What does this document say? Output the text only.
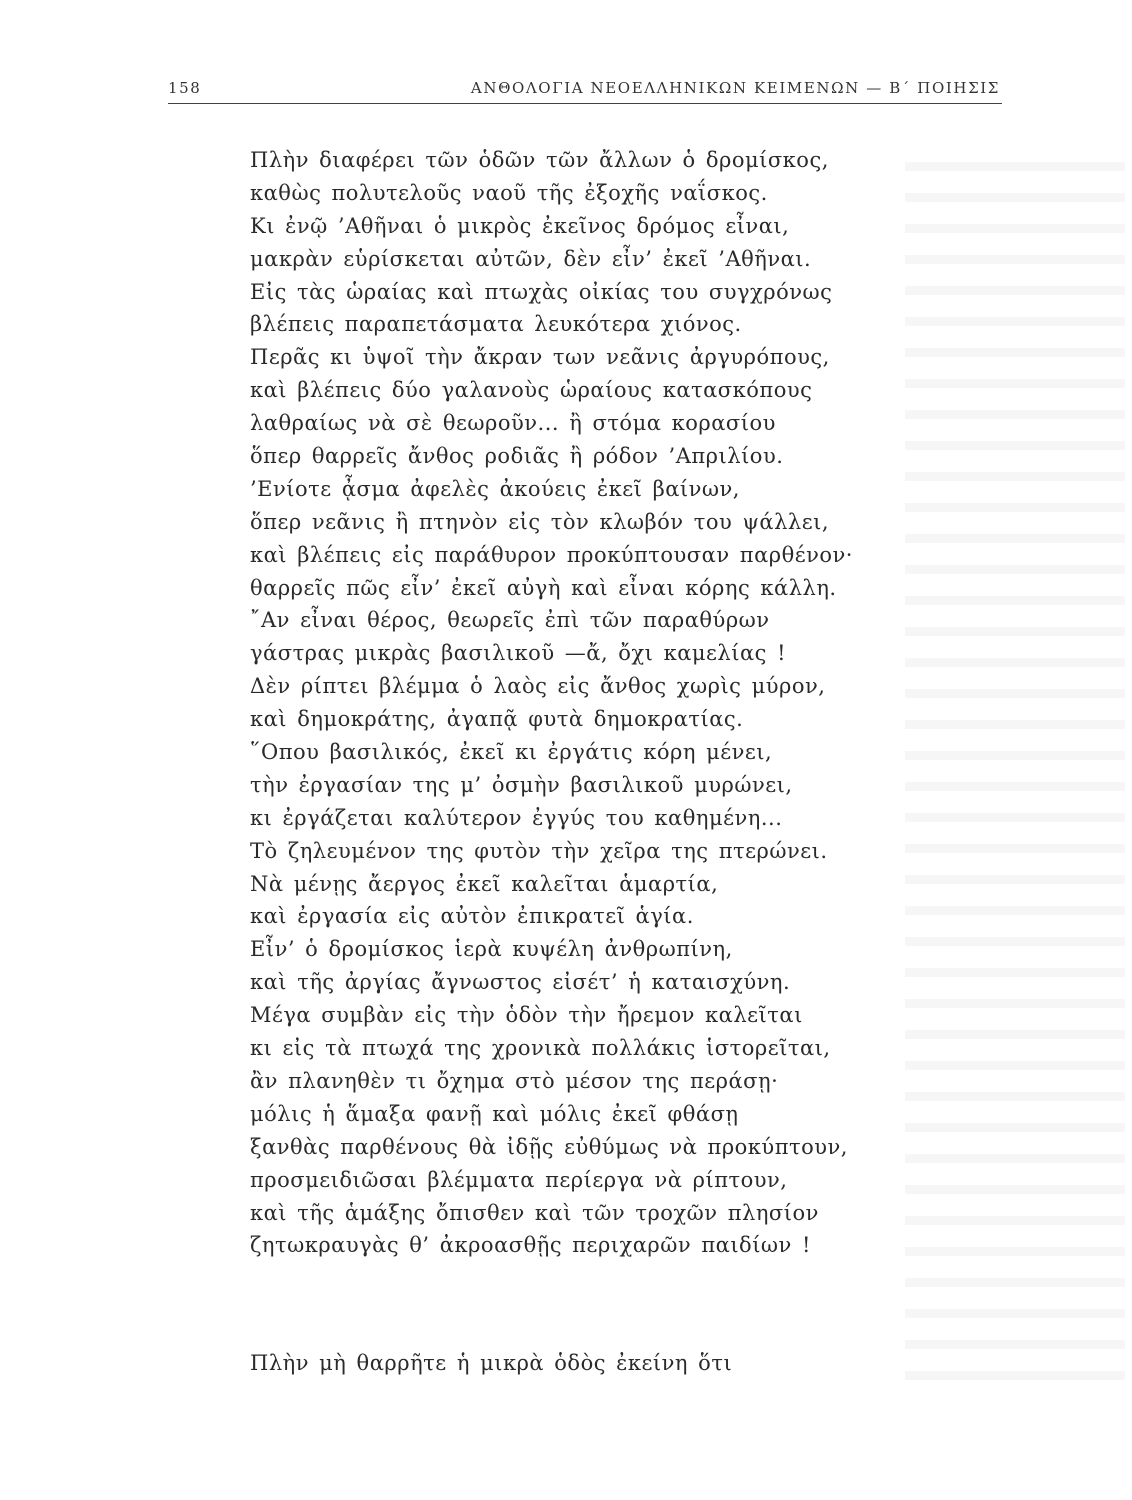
158	ΑΝΘΟΛΟΓΙΑ ΝΕΟΕΛΛΗΝΙΚΩΝ ΚΕΙΜΕΝΩΝ — Β΄ ΠΟΙΗΣΙΣ
Πλὴν διαφέρει τῶν ὁδῶν τῶν ἄλλων ὁ δρομίσκος,
καθὼς πολυτελοῦς ναοῦ τῆς ἐξοχῆς ναΐσκος.
Κι ἐνῷ ’Αθῆναι ὁ μικρὸς ἐκεῖνος δρόμος εἶναι,
μακρὰν εὑρίσκεται αὐτῶν, δὲν εἶν’ ἐκεῖ ’Αθῆναι.
Εἰς τὰς ὡραίας καὶ πτωχὰς οἰκίας του συγχρόνως
βλέπεις παραπετάσματα λευκότερα χιόνος.
Περᾶς κι ὑψοῖ τὴν ἄκραν των νεᾶνις ἀργυρόπους,
καὶ βλέπεις δύο γαλανοὺς ὡραίους κατασκόπους
λαθραίως νὰ σὲ θεωροῦν... ἢ στόμα κορασίου
ὅπερ θαρρεῖς ἄνθος ροδιᾶς ἢ ρόδον ’Απριλίου.
’Ενίοτε ᾆσμα ἀφελὲς ἀκούεις ἐκεῖ βαίνων,
ὅπερ νεᾶνις ἢ πτηνὸν εἰς τὸν κλωβόν του ψάλλει,
καὶ βλέπεις εἰς παράθυρον προκύπτουσαν παρθένον·
θαρρεῖς πῶς εἶν’ ἐκεῖ αὐγὴ καὶ εἶναι κόρης κάλλη.
῎Αν εἶναι θέρος, θεωρεῖς ἐπὶ τῶν παραθύρων
γάστρας μικρὰς βασιλικοῦ —ἄ, ὄχι καμελίας !
Δὲν ρίπτει βλέμμα ὁ λαὸς εἰς ἄνθος χωρὶς μύρον,
καὶ δημοκράτης, ἀγαπᾷ φυτὰ δημοκρατίας.
῞Οπου βασιλικός, ἐκεῖ κι ἐργάτις κόρη μένει,
τὴν ἐργασίαν της μ’ ὀσμὴν βασιλικοῦ μυρώνει,
κι ἐργάζεται καλύτερον ἐγγύς του καθημένη...
Τὸ ζηλευμένον της φυτὸν τὴν χεῖρα της πτερώνει.
Νὰ μένῃς ἄεργος ἐκεῖ καλεῖται ἁμαρτία,
καὶ ἐργασία εἰς αὐτὸν ἐπικρατεῖ ἁγία.
Εἶν’ ὁ δρομίσκος ἱερὰ κυψέλη ἀνθρωπίνη,
καὶ τῆς ἀργίας ἄγνωστος εἰσέτ’ ἡ καταισχύνη.
Μέγα συμβὰν εἰς τὴν ὁδὸν τὴν ἤρεμον καλεῖται
κι εἰς τὰ πτωχά της χρονικὰ πολλάκις ἱστορεῖται,
ἂν πλανηθὲν τι ὄχημα στὸ μέσον της περάσῃ·
μόλις ἡ ἅμαξα φανῇ καὶ μόλις ἐκεῖ φθάσῃ
ξανθὰς παρθένους θὰ ἰδῇς εὐθύμως νὰ προκύπτουν,
προσμειδιῶσαι βλέμματα περίεργα νὰ ρίπτουν,
καὶ τῆς ἁμάξης ὄπισθεν καὶ τῶν τροχῶν πλησίον
ζητωκραυγὰς θ’ ἀκροασθῇς περιχαρῶν παιδίων !
Πλὴν μὴ θαρρῆτε ἡ μικρὰ ὁδὸς ἐκείνη ὅτι
